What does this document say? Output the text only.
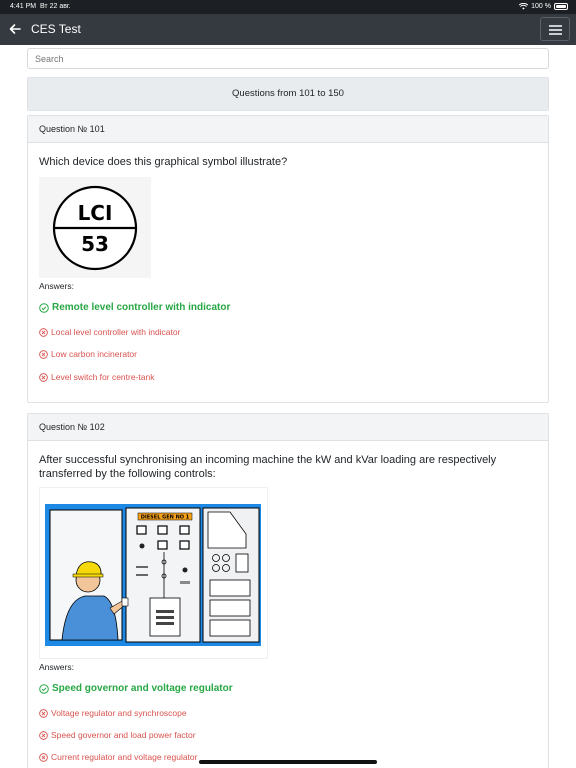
4:41 PM Вт 22 авг.	100 %
CES Test
Search
Questions from 101 to 150
Question № 101
Which device does this graphical symbol illustrate?
LCI
53
Answers:
Remote level controller with indicator
Local level controller with indicator
Low carbon incinerator
Level switch for centre-tank
Question № 102
After successful synchronising an incoming machine the kW and kVar loading are respectively transferred by the following controls:
DIESEL GEN NO 1
Answers:
Speed governor and voltage regulator
Voltage regulator and synchroscope
Speed governor and load power factor
Current regulator and voltage regulator
